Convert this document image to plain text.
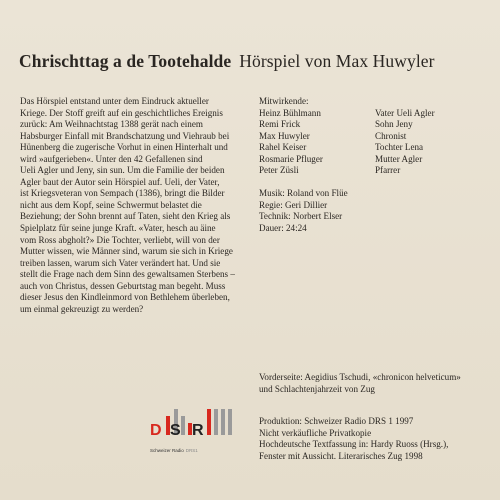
Chrischttag a de Tootehalde Hörspiel von Max Huwyler
Das Hörspiel entstand unter dem Eindruck aktueller
Kriege. Der Stoff greift auf ein geschichtliches Ereignis
zurück: Am Weihnachtstag 1388 gerät nach einem
Habsburger Einfall mit Brandschatzung und Viehraub bei
Hünenberg die zugerische Vorhut in einen Hinterhalt und
wird »aufgerieben«. Unter den 42 Gefallenen sind
Ueli Agler und Jeny, sin sun. Um die Familie der beiden
Agler baut der Autor sein Hörspiel auf. Ueli, der Vater,
ist Kriegsveteran von Sempach (1386), bringt die Bilder
nicht aus dem Kopf, seine Schwermut belastet die
Beziehung; der Sohn brennt auf Taten, sieht den Krieg als
Spielplatz für seine junge Kraft. «Vater, hesch au äine
vom Ross abgholt?» Die Tochter, verliebt, will von der
Mutter wissen, wie Männer sind, warum sie sich in Kriege
treiben lassen, warum sich Vater verändert hat. Und sie
stellt die Frage nach dem Sinn des gewaltsamen Sterbens –
auch von Christus, dessen Geburtstag man begeht. Muss
dieser Jesus den Kindleinmord von Bethlehem überleben,
um einmal gekreuzigt zu werden?
Mitwirkende:
Heinz Bühlmann	Vater Ueli Agler
Remi Frick	Sohn Jeny
Max Huwyler	Chronist
Rahel Keiser	Tochter Lena
Rosmarie Pfluger	Mutter Agler
Peter Züsli	Pfarrer
Musik: Roland von Flüe
Regie: Geri Dillier
Technik: Norbert Elser
Dauer: 24:24
Vorderseite: Aegidius Tschudi, «chronicon helveticum»
und Schlachtenjahrzeit von Zug
D R
S
Schweizer Radio DRS1
Produktion: Schweizer Radio DRS 1 1997
Nicht verkäufliche Privatkopie
Hochdeutsche Textfassung in: Hardy Ruoss (Hrsg.),
Fenster mit Aussicht. Literarisches Zug 1998
